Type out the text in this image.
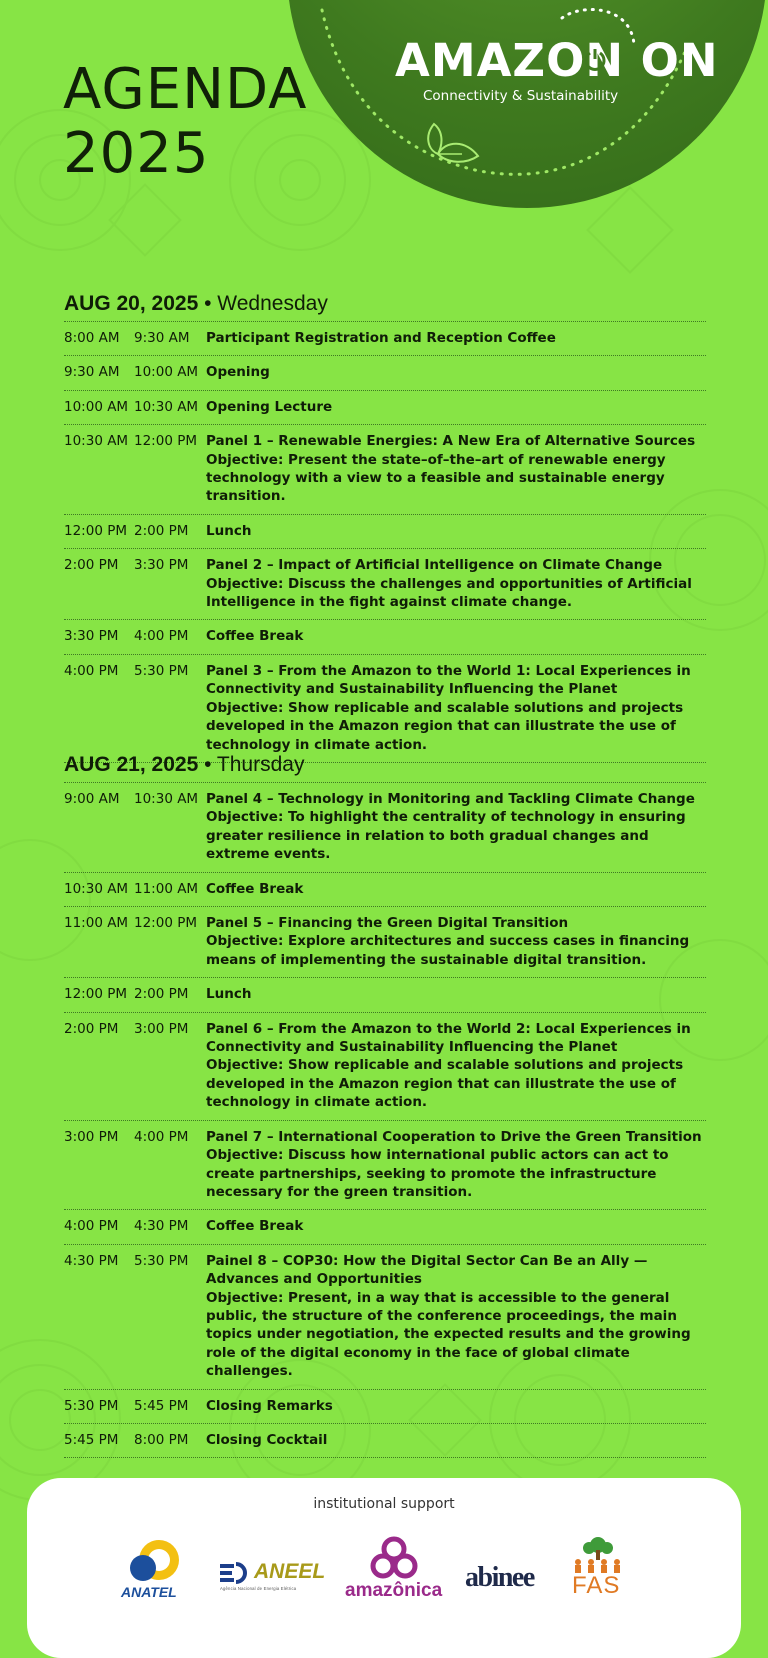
AMAZON ON
Connectivity & Sustainability
AGENDA
2025
AUG 20, 2025 • Wednesday
8:00 AM	9:30 AM	Participant Registration and Reception Coffee
9:30 AM	10:00 AM Opening
10:00 AM 10:30 AM Opening Lecture
10:30 AM 12:00 PM Panel 1 – Renewable Energies: A New Era of Alternative Sources
Objective: Present the state–of–the–art of renewable energy technology with a view to a feasible and sustainable energy transition.
12:00 PM 2:00 PM	Lunch
2:00 PM	3:30 PM	Panel 2 – Impact of Artificial Intelligence on Climate Change
Objective: Discuss the challenges and opportunities of Artificial Intelligence in the fight against climate change.
3:30 PM	4:00 PM	Coffee Break
4:00 PM	5:30 PM	Panel 3 – From the Amazon to the World 1: Local Experiences in Connectivity and Sustainability Influencing the Planet
Objective: Show replicable and scalable solutions and projects developed in the Amazon region that can illustrate the use of technology in climate action.
AUG 21, 2025 • Thursday
9:00 AM	10:30 AM Panel 4 – Technology in Monitoring and Tackling Climate Change
Objective: To highlight the centrality of technology in ensuring greater resilience in relation to both gradual changes and extreme events.
10:30 AM 11:00 AM Coffee Break
11:00 AM 12:00 PM Panel 5 – Financing the Green Digital Transition
Objective: Explore architectures and success cases in financing means of implementing the sustainable digital transition.
12:00 PM 2:00 PM	Lunch
2:00 PM	3:00 PM	Panel 6 – From the Amazon to the World 2: Local Experiences in Connectivity and Sustainability Influencing the Planet
Objective: Show replicable and scalable solutions and projects developed in the Amazon region that can illustrate the use of technology in climate action.
3:00 PM	4:00 PM	Panel 7 – International Cooperation to Drive the Green Transition
Objective: Discuss how international public actors can act to create partnerships, seeking to promote the infrastructure necessary for the green transition.
4:00 PM	4:30 PM	Coffee Break
4:30 PM	5:30 PM	Painel 8 – COP30: How the Digital Sector Can Be an Ally — Advances and Opportunities
Objective: Present, in a way that is accessible to the general public, the structure of the conference proceedings, the main topics under negotiation, the expected results and the growing role of the digital economy in the face of global climate challenges.
5:30 PM	5:45 PM	Closing Remarks
5:45 PM	8:00 PM	Closing Cocktail
institutional support
ANATEL
ANEEL
Agência Nacional de Energia Elétrica	amazônica abinee FAS
